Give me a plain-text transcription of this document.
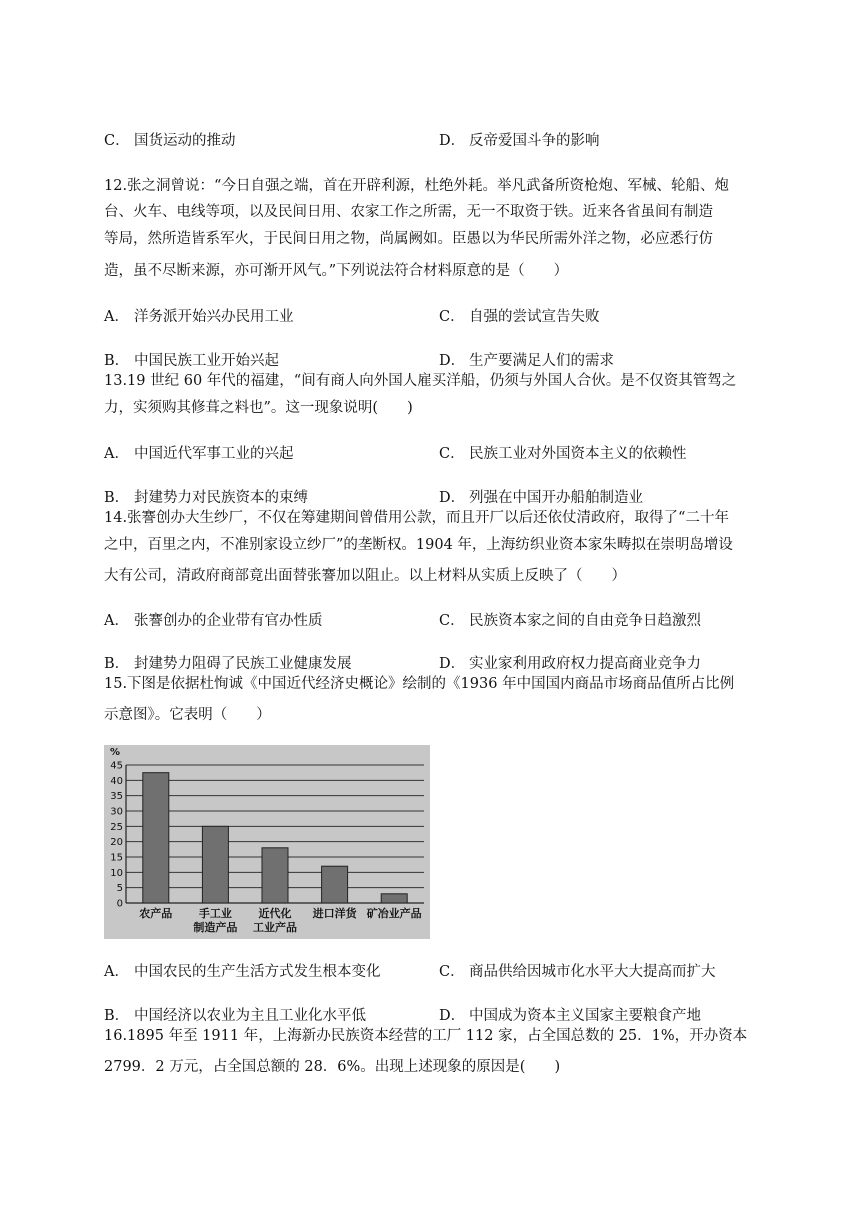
C． 国货运动的推动	D． 反帝爱国斗争的影响
12.张之洞曾说：“今日自强之端，首在开辟利源，杜绝外耗。举凡武备所资枪炮、军械、轮船、炮
台、火车、电线等项，以及民间日用、农家工作之所需，无一不取资于铁。近来各省虽间有制造
等局，然所造皆系军火，于民间日用之物，尚属阙如。臣愚以为华民所需外洋之物，必应悉行仿
造，虽不尽断来源，亦可渐开风气。”下列说法符合材料原意的是（　　）
A． 洋务派开始兴办民用工业	C． 自强的尝试宣告失败
B． 中国民族工业开始兴起	D． 生产要满足人们的需求
13.19 世纪 60 年代的福建，“间有商人向外国人雇买洋船，仍须与外国人合伙。是不仅资其管驾之
力，实须购其修葺之料也”。这一现象说明(　　)
A． 中国近代军事工业的兴起	C． 民族工业对外国资本主义的依赖性
B． 封建势力对民族资本的束缚	D． 列强在中国开办船舶制造业
14.张謇创办大生纱厂，不仅在筹建期间曾借用公款，而且开厂以后还依仗清政府，取得了“二十年
之中，百里之内，不准别家设立纱厂”的垄断权。1904 年，上海纺织业资本家朱畴拟在崇明岛增设
大有公司，清政府商部竟出面替张謇加以阻止。以上材料从实质上反映了（　　）
A． 张謇创办的企业带有官办性质	C． 民族资本家之间的自由竞争日趋激烈
B． 封建势力阻碍了民族工业健康发展	D． 实业家利用政府权力提高商业竞争力
15.下图是依据杜恂诚《中国近代经济史概论》绘制的《1936 年中国国内商品市场商品值所占比例
示意图》。它表明（　　）
%
0
5
10
15
20
25
30
35
40
45
农产品 手工业
制造产品
近代化
工业产品
进口洋货 矿冶业产品
A． 中国农民的生产生活方式发生根本变化	C． 商品供给因城市化水平大大提高而扩大
B． 中国经济以农业为主且工业化水平低	D． 中国成为资本主义国家主要粮食产地
16.1895 年至 1911 年，上海新办民族资本经营的工厂 112 家，占全国总数的 25．1%，开办资本
2799．2 万元，占全国总额的 28．6%。出现上述现象的原因是(　　)
